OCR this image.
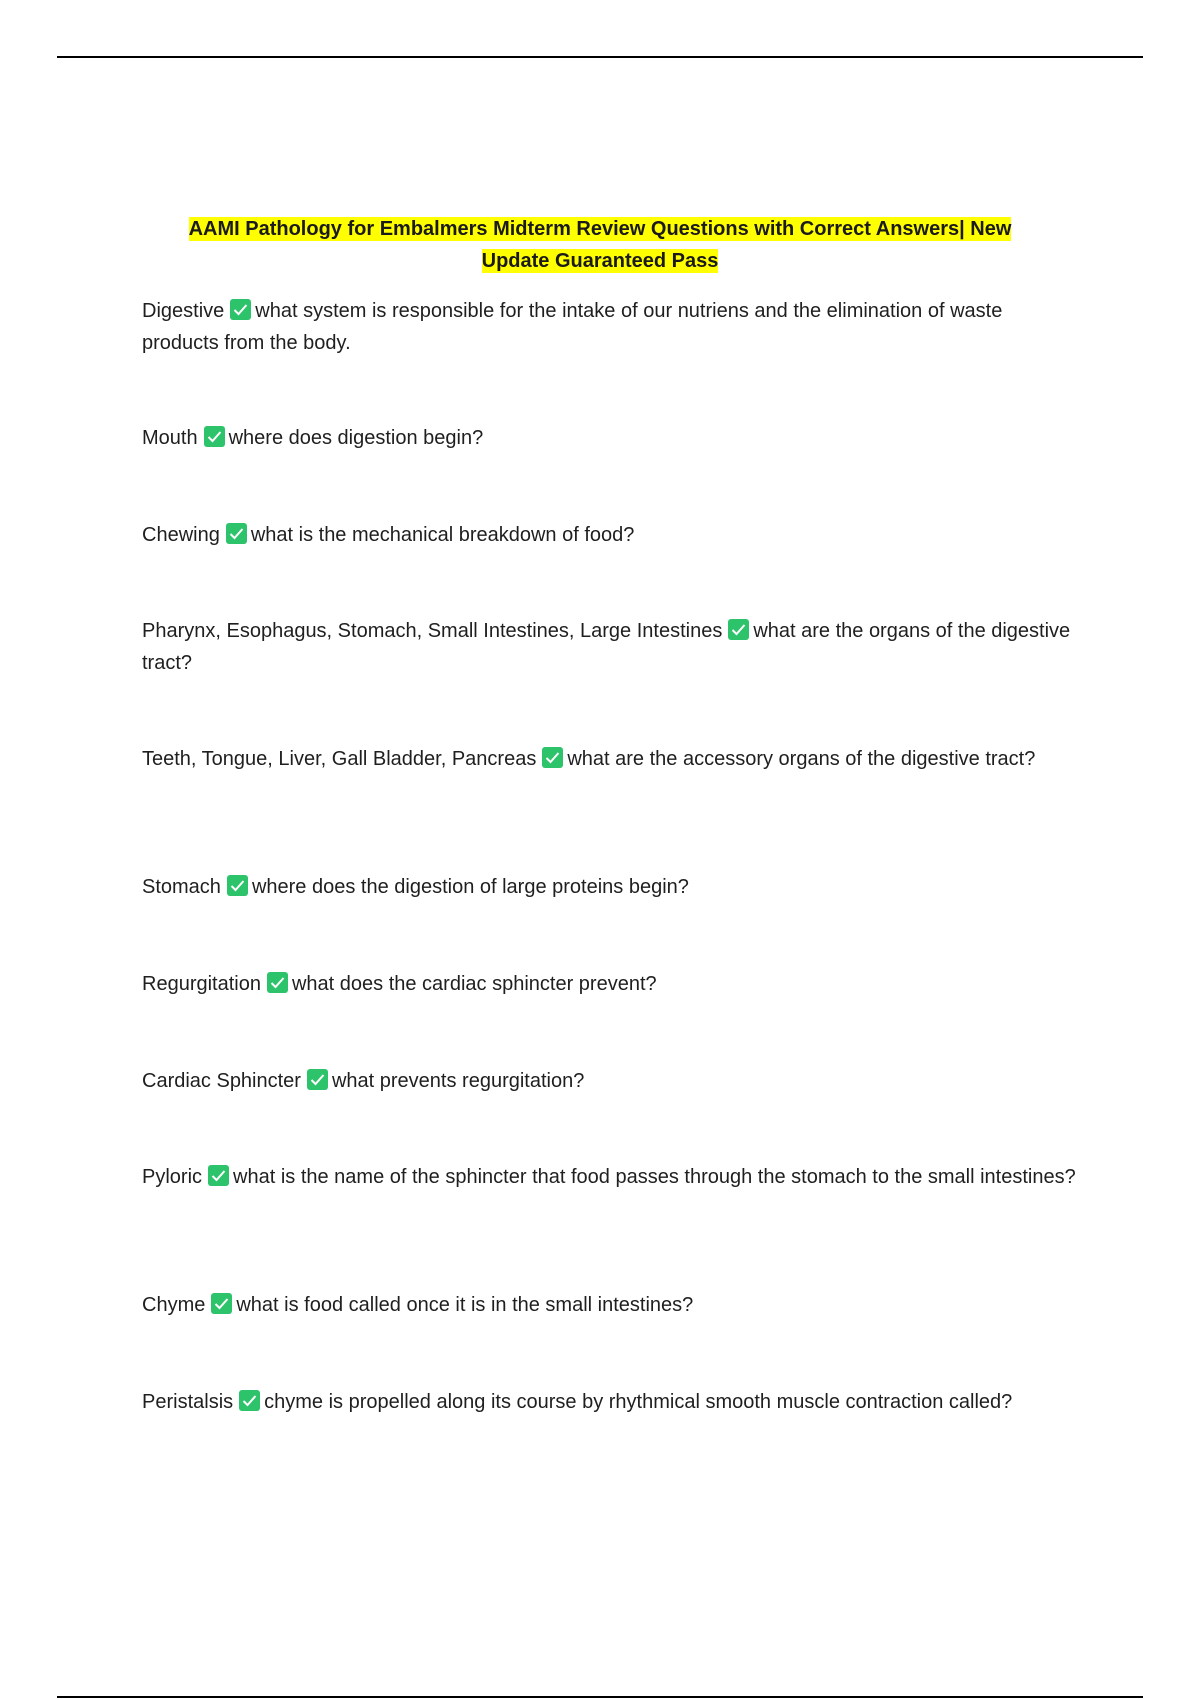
AAMI Pathology for Embalmers Midterm Review Questions with Correct Answers| New
Update Guaranteed Pass
Digestive what system is responsible for the intake of our nutriens and the elimination of waste products from the body.
Mouth where does digestion begin?
Chewing what is the mechanical breakdown of food?
Pharynx, Esophagus, Stomach, Small Intestines, Large Intestines what are the organs of the digestive tract?
Teeth, Tongue, Liver, Gall Bladder, Pancreas what are the accessory organs of the digestive tract?
Stomach where does the digestion of large proteins begin?
Regurgitation what does the cardiac sphincter prevent?
Cardiac Sphincter what prevents regurgitation?
Pyloric what is the name of the sphincter that food passes through the stomach to the small intestines?
Chyme what is food called once it is in the small intestines?
Peristalsis chyme is propelled along its course by rhythmical smooth muscle contraction called?
